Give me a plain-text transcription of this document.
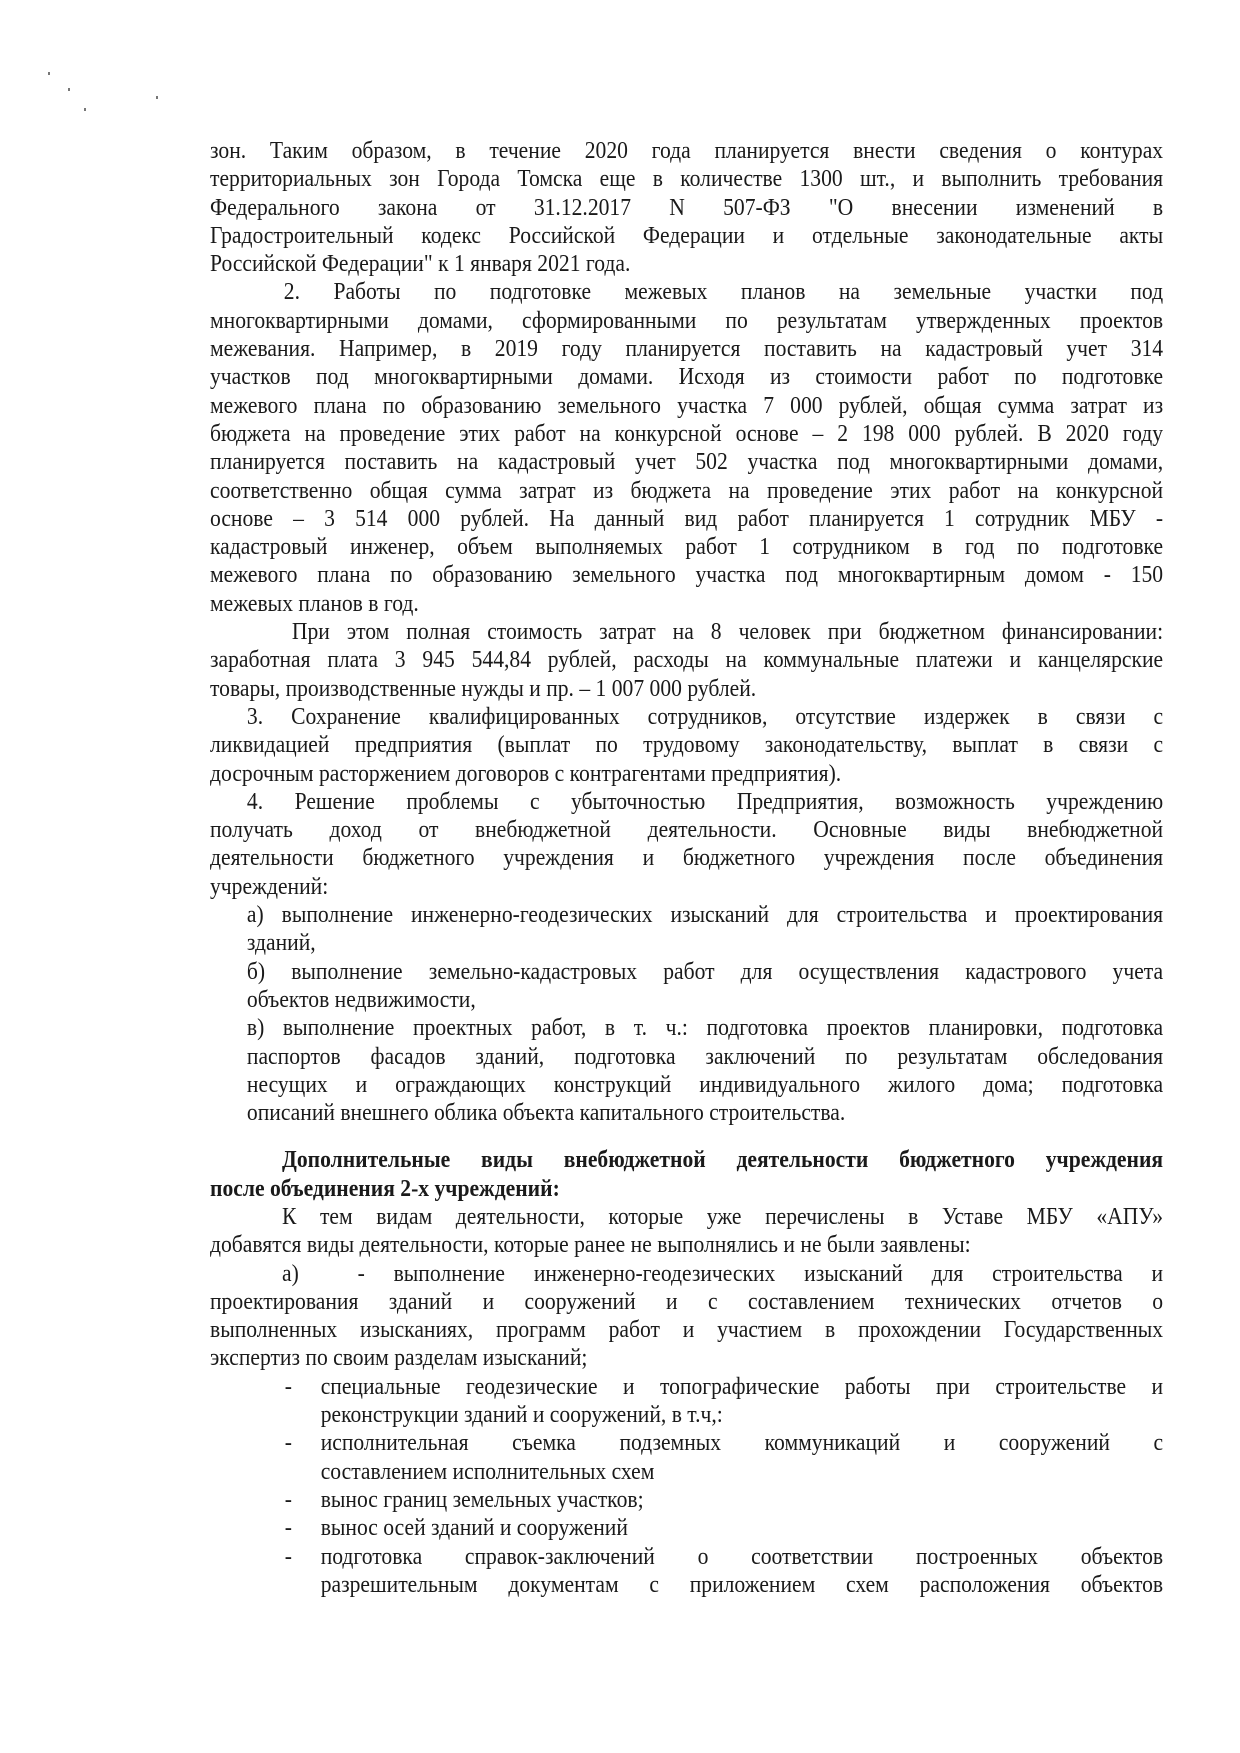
зон. Таким образом, в течение 2020 года планируется внести сведения о контурах
территориальных зон Города Томска еще в количестве 1300 шт., и выполнить требования
Федерального закона от 31.12.2017 N 507-ФЗ "О внесении изменений в
Градостроительный кодекс Российской Федерации и отдельные законодательные акты
Российской Федерации" к 1 января 2021 года.
2. Работы по подготовке межевых планов на земельные участки под
многоквартирными домами, сформированными по результатам утвержденных проектов
межевания. Например, в 2019 году планируется поставить на кадастровый учет 314
участков под многоквартирными домами. Исходя из стоимости работ по подготовке
межевого плана по образованию земельного участка 7 000 рублей, общая сумма затрат из
бюджета на проведение этих работ на конкурсной основе – 2 198 000 рублей. В 2020 году
планируется поставить на кадастровый учет 502 участка под многоквартирными домами,
соответственно общая сумма затрат из бюджета на проведение этих работ на конкурсной
основе – 3 514 000 рублей. На данный вид работ планируется 1 сотрудник МБУ -
кадастровый инженер, объем выполняемых работ 1 сотрудником в год по подготовке
межевого плана по образованию земельного участка под многоквартирным домом - 150
межевых планов в год.
При этом полная стоимость затрат на 8 человек при бюджетном финансировании:
заработная плата 3 945 544,84 рублей, расходы на коммунальные платежи и канцелярские
товары, производственные нужды и пр. – 1 007 000 рублей.
3. Сохранение квалифицированных сотрудников, отсутствие издержек в связи с
ликвидацией предприятия (выплат по трудовому законодательству, выплат в связи с
досрочным расторжением договоров с контрагентами предприятия).
4. Решение проблемы с убыточностью Предприятия, возможность учреждению
получать доход от внебюджетной деятельности. Основные виды внебюджетной
деятельности бюджетного учреждения и бюджетного учреждения после объединения
учреждений:
а) выполнение инженерно-геодезических изысканий для строительства и проектирования
зданий,
б) выполнение земельно-кадастровых работ для осуществления кадастрового учета
объектов недвижимости,
в) выполнение проектных работ, в т. ч.: подготовка проектов планировки, подготовка
паспортов фасадов зданий, подготовка заключений по результатам обследования
несущих и ограждающих конструкций индивидуального жилого дома; подготовка
описаний внешнего облика объекта капитального строительства.
Дополнительные виды внебюджетной деятельности бюджетного учреждения
после объединения 2-х учреждений:
К тем видам деятельности, которые уже перечислены в Уставе МБУ «АПУ»
добавятся виды деятельности, которые ранее не выполнялись и не были заявлены:
- выполнение инженерно-геодезических изысканий для строительства и
проектирования зданий и сооружений и с составлением технических отчетов о
выполненных изысканиях, программ работ и участием в прохождении Государственных
экспертиз по своим разделам изысканий;
а)
специальные геодезические и топографические работы при строительстве и
реконструкции зданий и сооружений, в т.ч,:
-
исполнительная съемка подземных коммуникаций и сооружений с
составлением исполнительных схем
-
вынос границ земельных участков;
-
вынос осей зданий и сооружений
-
подготовка справок-заключений о соответствии построенных объектов
разрешительным документам с приложением схем расположения объектов
-
